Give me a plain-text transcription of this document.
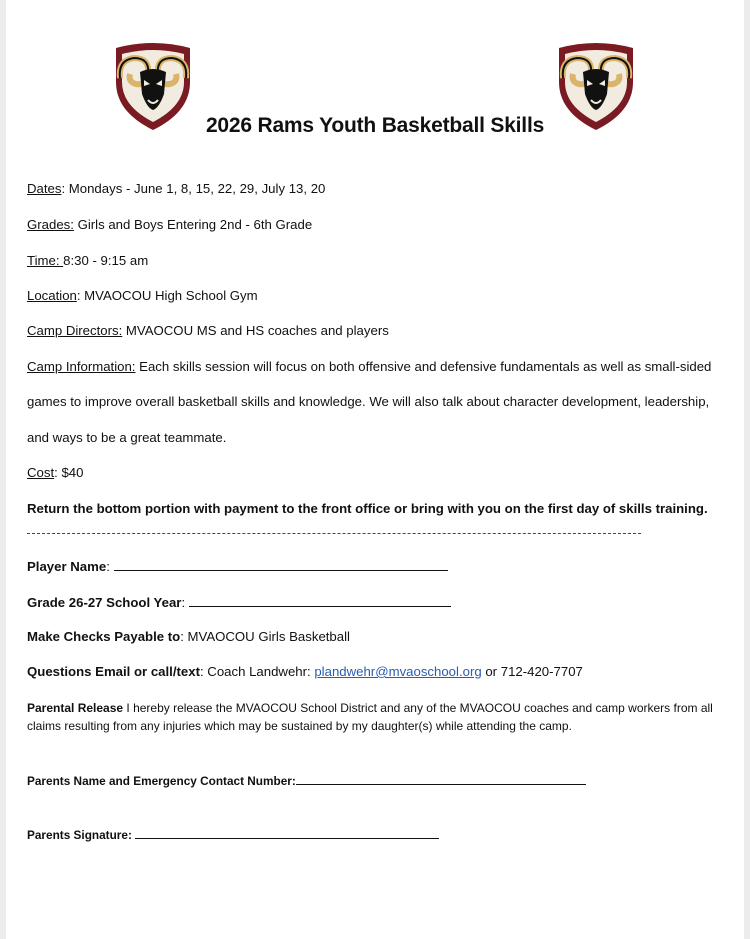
2026 Rams Youth Basketball Skills
Dates: Mondays - June 1, 8, 15, 22, 29, July 13, 20
Grades: Girls and Boys Entering 2nd - 6th Grade
Time: 8:30 - 9:15 am
Location: MVAOCOU High School Gym
Camp Directors: MVAOCOU MS and HS coaches and players
Camp Information: Each skills session will focus on both offensive and defensive fundamentals as well as small-sided
games to improve overall basketball skills and knowledge. We will also talk about character development, leadership,
and ways to be a great teammate.
Cost: $40
Return the bottom portion with payment to the front office or bring with you on the first day of skills training.
Player Name:
Grade 26-27 School Year:
Make Checks Payable to: MVAOCOU Girls Basketball
Questions Email or call/text: Coach Landwehr: plandwehr@mvaoschool.org or 712-420-7707
Parental Release I hereby release the MVAOCOU School District and any of the MVAOCOU coaches and camp workers from all claims resulting from any injuries which may be sustained by my daughter(s) while attending the camp.
Parents Name and Emergency Contact Number:
Parents Signature:
